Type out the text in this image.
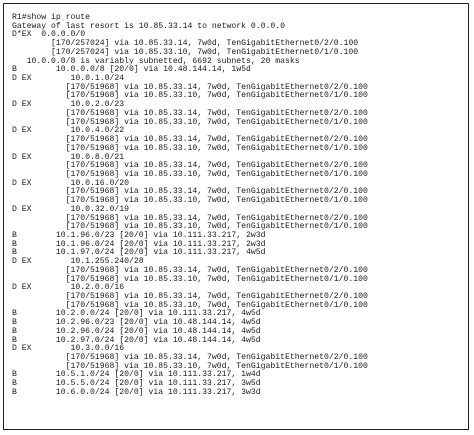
R1#show ip route
Gateway of last resort is 10.85.33.14 to network 0.0.0.0
D*EX  0.0.0.0/0
[170/257024] via 10.85.33.14, 7w0d, TenGigabitEthernet0/2/0.100
[170/257024] via 10.85.33.10, 7w0d, TenGigabitEthernet0/1/0.100
10.0.0.0/8 is variably subnetted, 6692 subnets, 20 masks
B        10.0.0.0/8 [20/0] via 10.48.144.14, 1w5d
D EX        10.0.1.0/24
[170/51968] via 10.85.33.14, 7w0d, TenGigabitEthernet0/2/0.100
[170/51968] via 10.85.33.10, 7w0d, TenGigabitEthernet0/1/0.100
D EX        10.0.2.0/23
[170/51968] via 10.85.33.14, 7w0d, TenGigabitEthernet0/2/0.100
[170/51968] via 10.85.33.10, 7w0d, TenGigabitEthernet0/1/0.100
D EX        10.0.4.0/22
[170/51968] via 10.85.33.14, 7w0d, TenGigabitEthernet0/2/0.100
[170/51968] via 10.85.33.10, 7w0d, TenGigabitEthernet0/1/0.100
D EX        10.0.8.0/21
[170/51968] via 10.85.33.14, 7w0d, TenGigabitEthernet0/2/0.100
[170/51968] via 10.85.33.10, 7w0d, TenGigabitEthernet0/1/0.100
D EX        10.0.16.0/20
[170/51968] via 10.85.33.14, 7w0d, TenGigabitEthernet0/2/0.100
[170/51968] via 10.85.33.10, 7w0d, TenGigabitEthernet0/1/0.100
D EX        10.0.32.0/19
[170/51968] via 10.85.33.14, 7w0d, TenGigabitEthernet0/2/0.100
[170/51968] via 10.85.33.10, 7w0d, TenGigabitEthernet0/1/0.100
B        10.1.96.0/23 [20/0] via 10.111.33.217, 2w3d
B        10.1.96.0/24 [20/0] via 10.111.33.217, 2w3d
B        10.1.97.0/24 [20/0] via 10.111.33.217, 4w5d
D EX        10.1.255.240/28
[170/51968] via 10.85.33.14, 7w0d, TenGigabitEthernet0/2/0.100
[170/51968] via 10.85.33.10, 7w0d, TenGigabitEthernet0/1/0.100
D EX        10.2.0.0/16
[170/51968] via 10.85.33.14, 7w0d, TenGigabitEthernet0/2/0.100
[170/51968] via 10.85.33.10, 7w0d, TenGigabitEthernet0/1/0.100
B        10.2.0.0/24 [20/0] via 10.111.33.217, 4w5d
B        10.2.96.0/23 [20/0] via 10.48.144.14, 4w5d
B        10.2.96.0/24 [20/0] via 10.48.144.14, 4w5d
B        10.2.97.0/24 [20/0] via 10.48.144.14, 4w5d
D EX        10.3.0.0/16
[170/51968] via 10.85.33.14, 7w0d, TenGigabitEthernet0/2/0.100
[170/51968] via 10.85.33.10, 7w0d, TenGigabitEthernet0/1/0.100
B        10.5.1.0/24 [20/0] via 10.111.33.217, 1w4d
B        10.5.5.0/24 [20/0] via 10.111.33.217, 3w5d
B        10.6.0.0/24 [20/0] via 10.111.33.217, 3w3d
